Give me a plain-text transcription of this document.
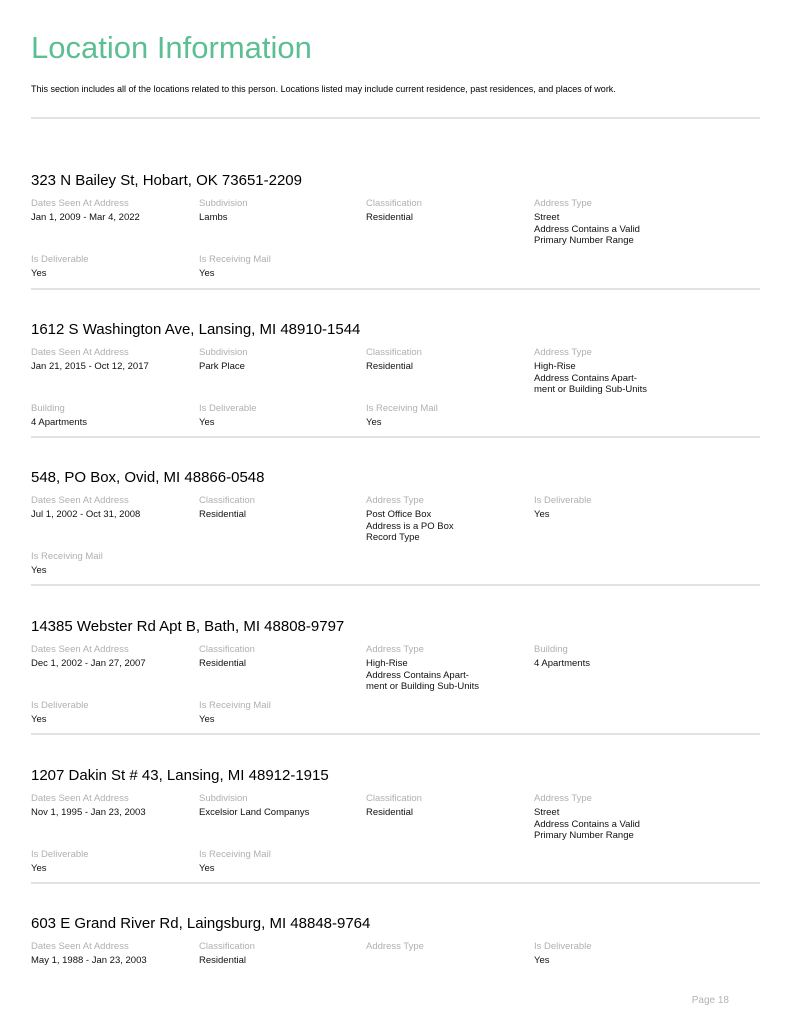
Location Information
This section includes all of the locations related to this person. Locations listed may include current residence, past residences, and places of work.
323 N Bailey St, Hobart, OK 73651-2209
Dates Seen At Address
Jan 1, 2009 - Mar 4, 2022
Subdivision
Lambs
Classification
Residential
Address Type
Street
Address Contains a Valid
Primary Number Range
Is Deliverable
Yes
Is Receiving Mail
Yes
1612 S Washington Ave, Lansing, MI 48910-1544
Dates Seen At Address
Jan 21, 2015 - Oct 12, 2017
Subdivision
Park Place
Classification
Residential
Address Type
High-Rise
Address Contains Apart-
ment or Building Sub-Units
Building
4 Apartments
Is Deliverable
Yes
Is Receiving Mail
Yes
548, PO Box, Ovid, MI 48866-0548
Dates Seen At Address
Jul 1, 2002 - Oct 31, 2008
Classification
Residential
Address Type
Post Office Box
Address is a PO Box
Record Type
Is Deliverable
Yes
Is Receiving Mail
Yes
14385 Webster Rd Apt B, Bath, MI 48808-9797
Dates Seen At Address
Dec 1, 2002 - Jan 27, 2007
Classification
Residential
Address Type
High-Rise
Address Contains Apart-
ment or Building Sub-Units
Building
4 Apartments
Is Deliverable
Yes
Is Receiving Mail
Yes
1207 Dakin St # 43, Lansing, MI 48912-1915
Dates Seen At Address
Nov 1, 1995 - Jan 23, 2003
Subdivision
Excelsior Land Companys
Classification
Residential
Address Type
Street
Address Contains a Valid
Primary Number Range
Is Deliverable
Yes
Is Receiving Mail
Yes
603 E Grand River Rd, Laingsburg, MI 48848-9764
Dates Seen At Address
May 1, 1988 - Jan 23, 2003
Classification
Residential
Address Type	Is Deliverable
Yes
Page 18
